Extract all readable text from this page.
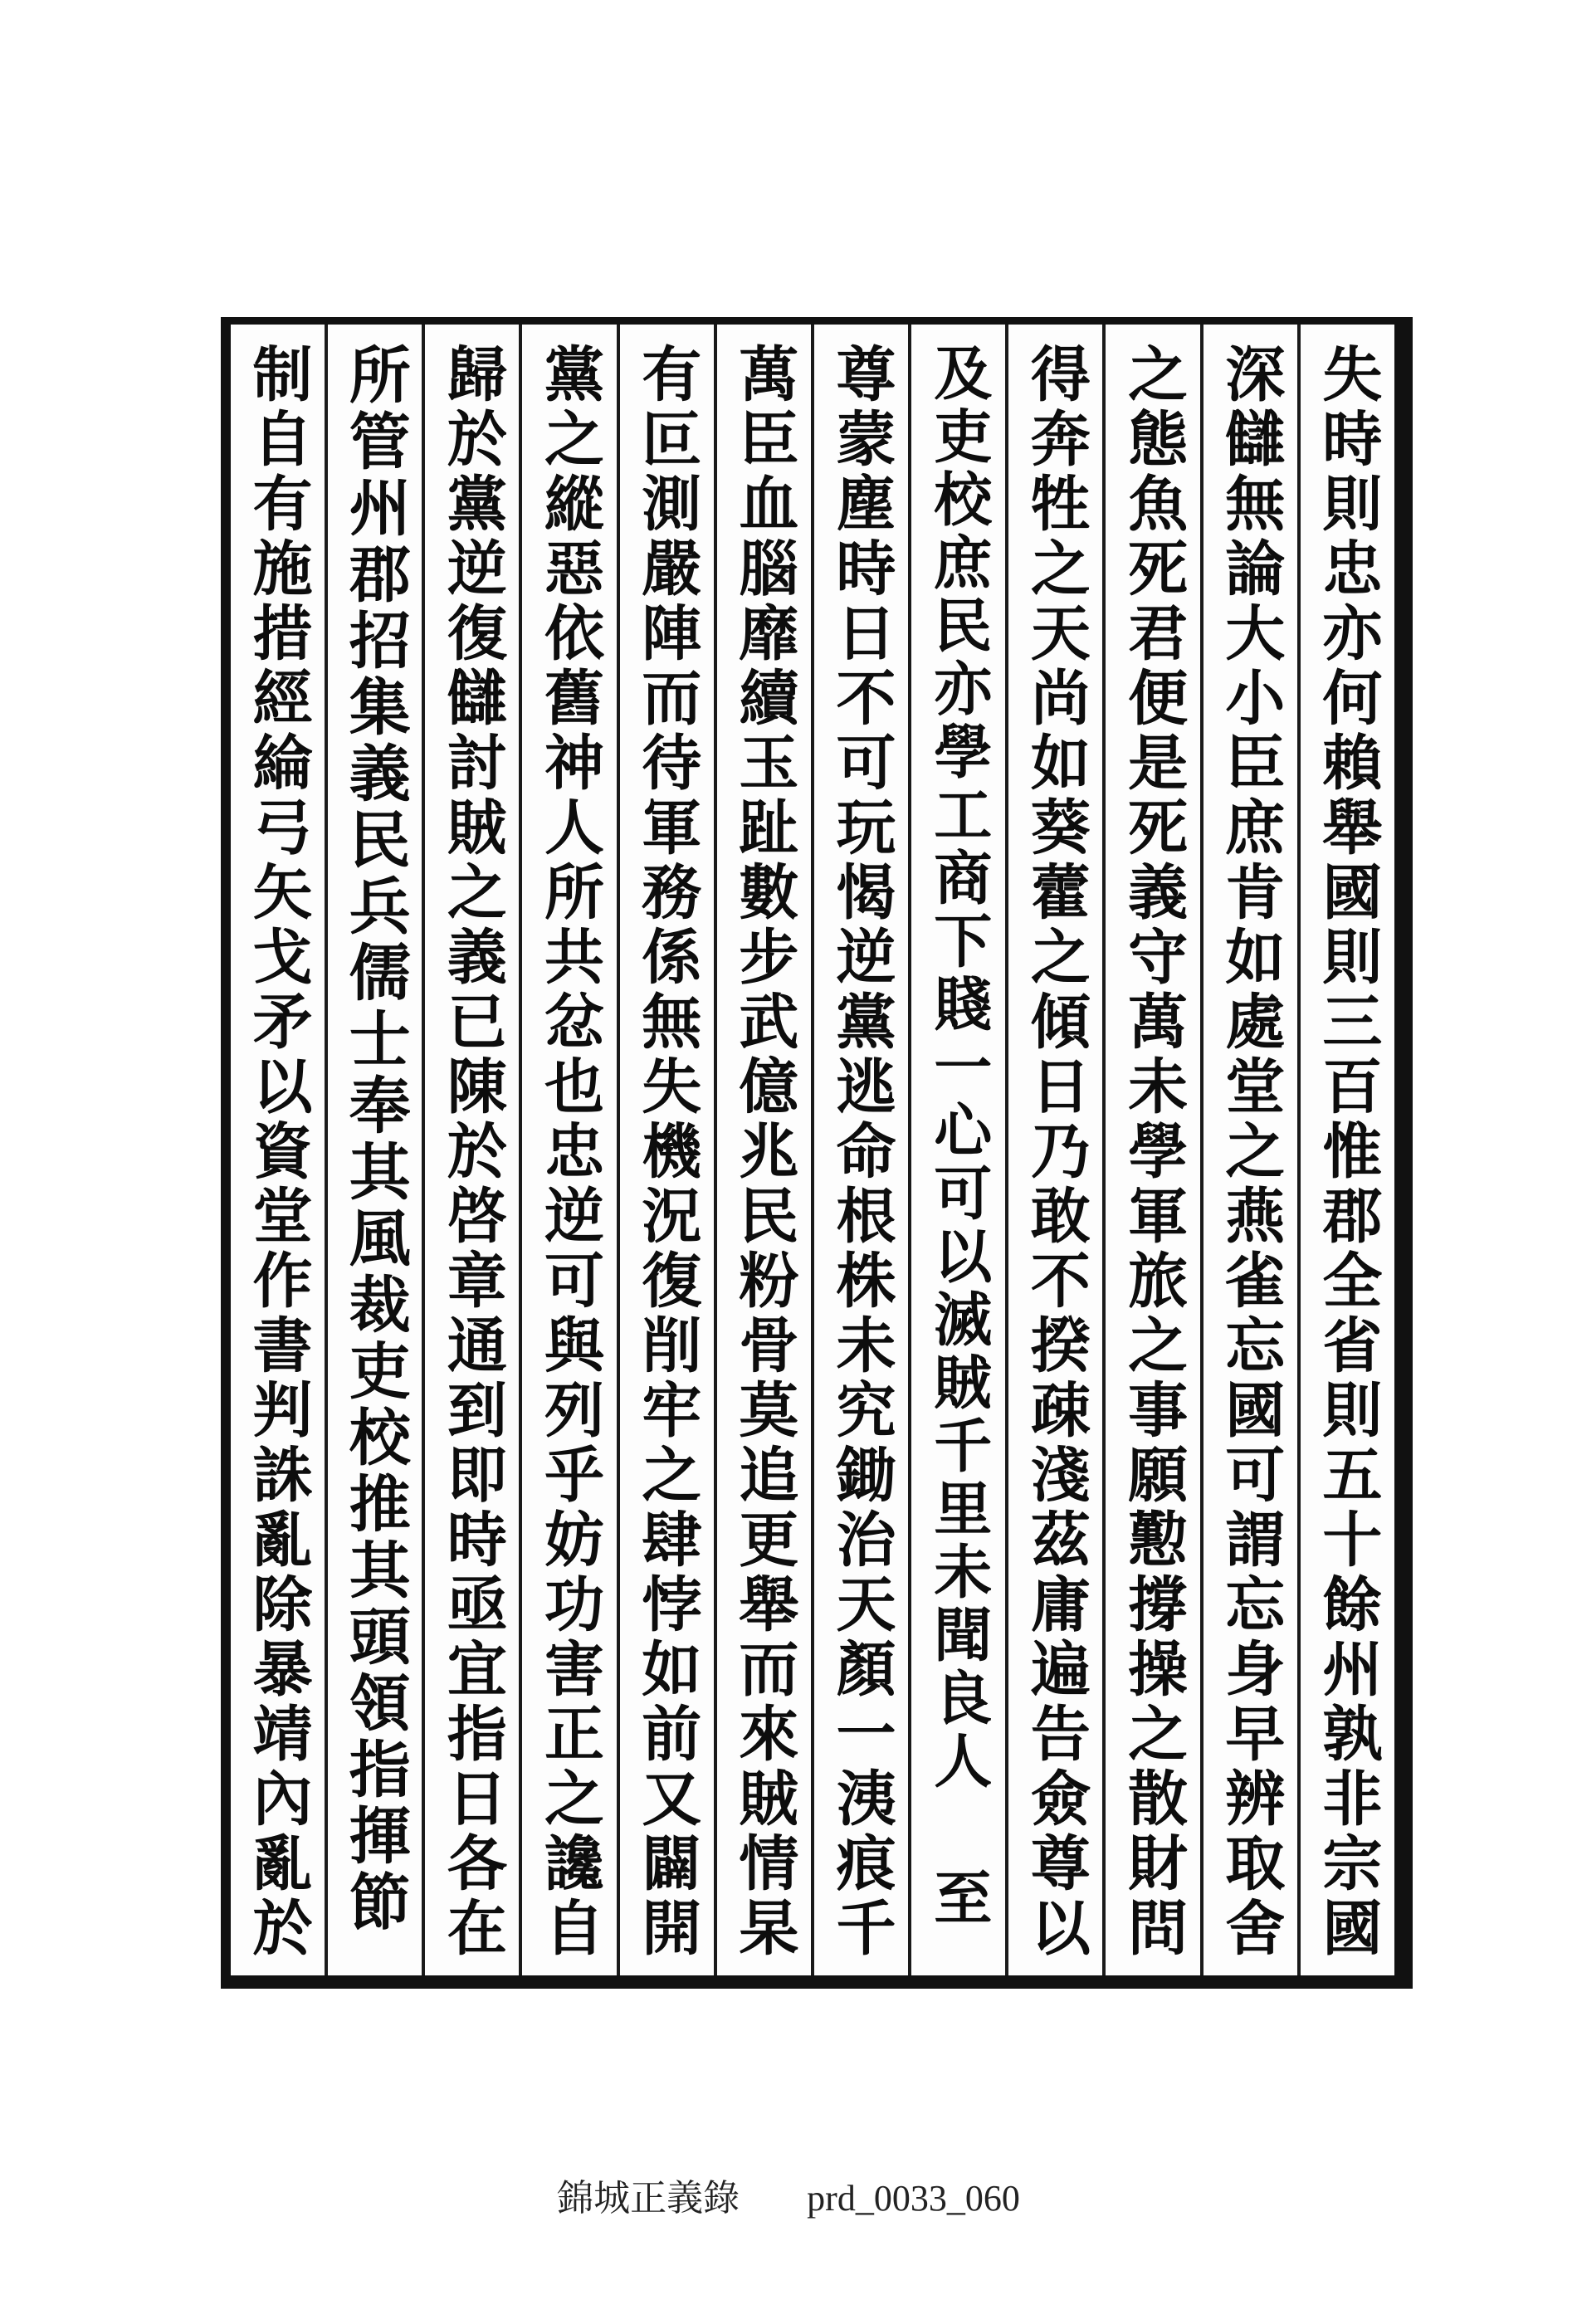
失時則忠亦何賴舉國則三百惟郡全省則五十餘州孰非宗國
深讎無論大小臣庶肯如處堂之燕雀忘國可謂忘身早辨取舍
之態魚死君便是死義守萬未學軍旅之事願懃撐操之散財問
得奔牲之天尚如葵藿之傾日乃敢不揆疎淺茲庸遍告僉尊以
及吏校庶民亦學工商下賤一心可以滅賊千里未聞良人 至
尊蒙塵時日不可玩愒逆黨逃命根株未究鋤治天顏一洟痕千
萬臣血腦靡續玉趾數步武億兆民粉骨莫追更舉而來賊情杲
有叵測嚴陣而待軍務係無失機況復削牢之肆悖如前又闢開
黨之縱惡依舊神人所共忿也忠逆可與列乎妨功害正之讒自
歸於黨逆復讎討賊之義已陳於啓章通到即時亟宜指日各在
所管州郡招集義民兵儒士奉其風裁吏校推其頭領指揮節
制自有施措經綸弓矢戈矛以資堂作書判誅亂除暴靖內亂於
錦城正義錄 prd_0033_060
